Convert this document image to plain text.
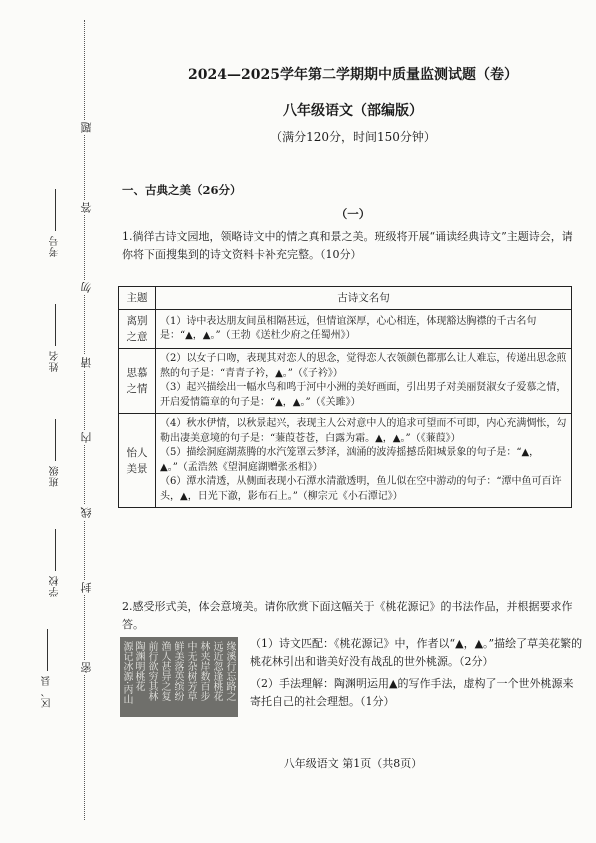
考号
姓名
班级
学校
区、县
题
答
勿
请
内
线
封
密
2024—2025学年第二学期期中质量监测试题（卷）
八年级语文（部编版）
（满分120分，时间150分钟）
一、古典之美（26分）
（一）
1.徜徉古诗文园地，领略诗文中的情之真和景之美。班级将开展“诵读经典诗文”主题诗会，请你将下面搜集到的诗文资料卡补充完整。（10分）
主题	古诗文名句
离别之意	（1）诗中表达朋友间虽相隔甚远，但情谊深厚，心心相连，体现豁达胸襟的千古名句是：“▲，▲。”（王勃《送杜少府之任蜀州》）

思慕之情	（2）以女子口吻，表现其对恋人的思念，觉得恋人衣领颜色都那么让人难忘，传递出思念煎熬的句子是：“青青子衿，▲。”（《子衿》）
（3）起兴描绘出一幅水鸟和鸣于河中小洲的美好画面，引出男子对美丽贤淑女子爱慕之情，开启爱情篇章的句子是：“▲，▲。”（《关雎》）

怡人美景	（4）秋水伊情，以秋景起兴，表现主人公对意中人的追求可望而不可即，内心充满惆怅，勾勒出凄美意境的句子是：“蒹葭苍苍，白露为霜。▲，▲。”（《蒹葭》）
（5）描绘洞庭湖蒸腾的水汽笼罩云梦泽，汹涌的波涛摇撼岳阳城景象的句子是：“▲，▲。”（孟浩然《望洞庭湖赠张丞相》）
（6）潭水清透，从侧面表现小石潭水清澈透明，鱼儿似在空中游动的句子：“潭中鱼可百许头，▲，日光下澈，影布石上。”（柳宗元《小石潭记》）
2.感受形式美，体会意境美。请你欣赏下面这幅关于《桃花源记》的书法作品，并根据要求作答。
缘溪行忘路之
远近忽逢桃花
林夹岸数百步
中无杂树芳草
鲜美落英缤纷
渔人甚异之复
前行欲穷其林
陶渊明桃花
源记冰源·丙山	（1）诗文匹配：《桃花源记》中，作者以“▲，▲。”描绘了草美花繁的桃花林引出和谐美好没有战乱的世外桃源。（2分）

（2）手法理解：陶渊明运用▲的写作手法，虚构了一个世外桃源来寄托自己的社会理想。（1分）

八年级语文 第1页（共8页）
